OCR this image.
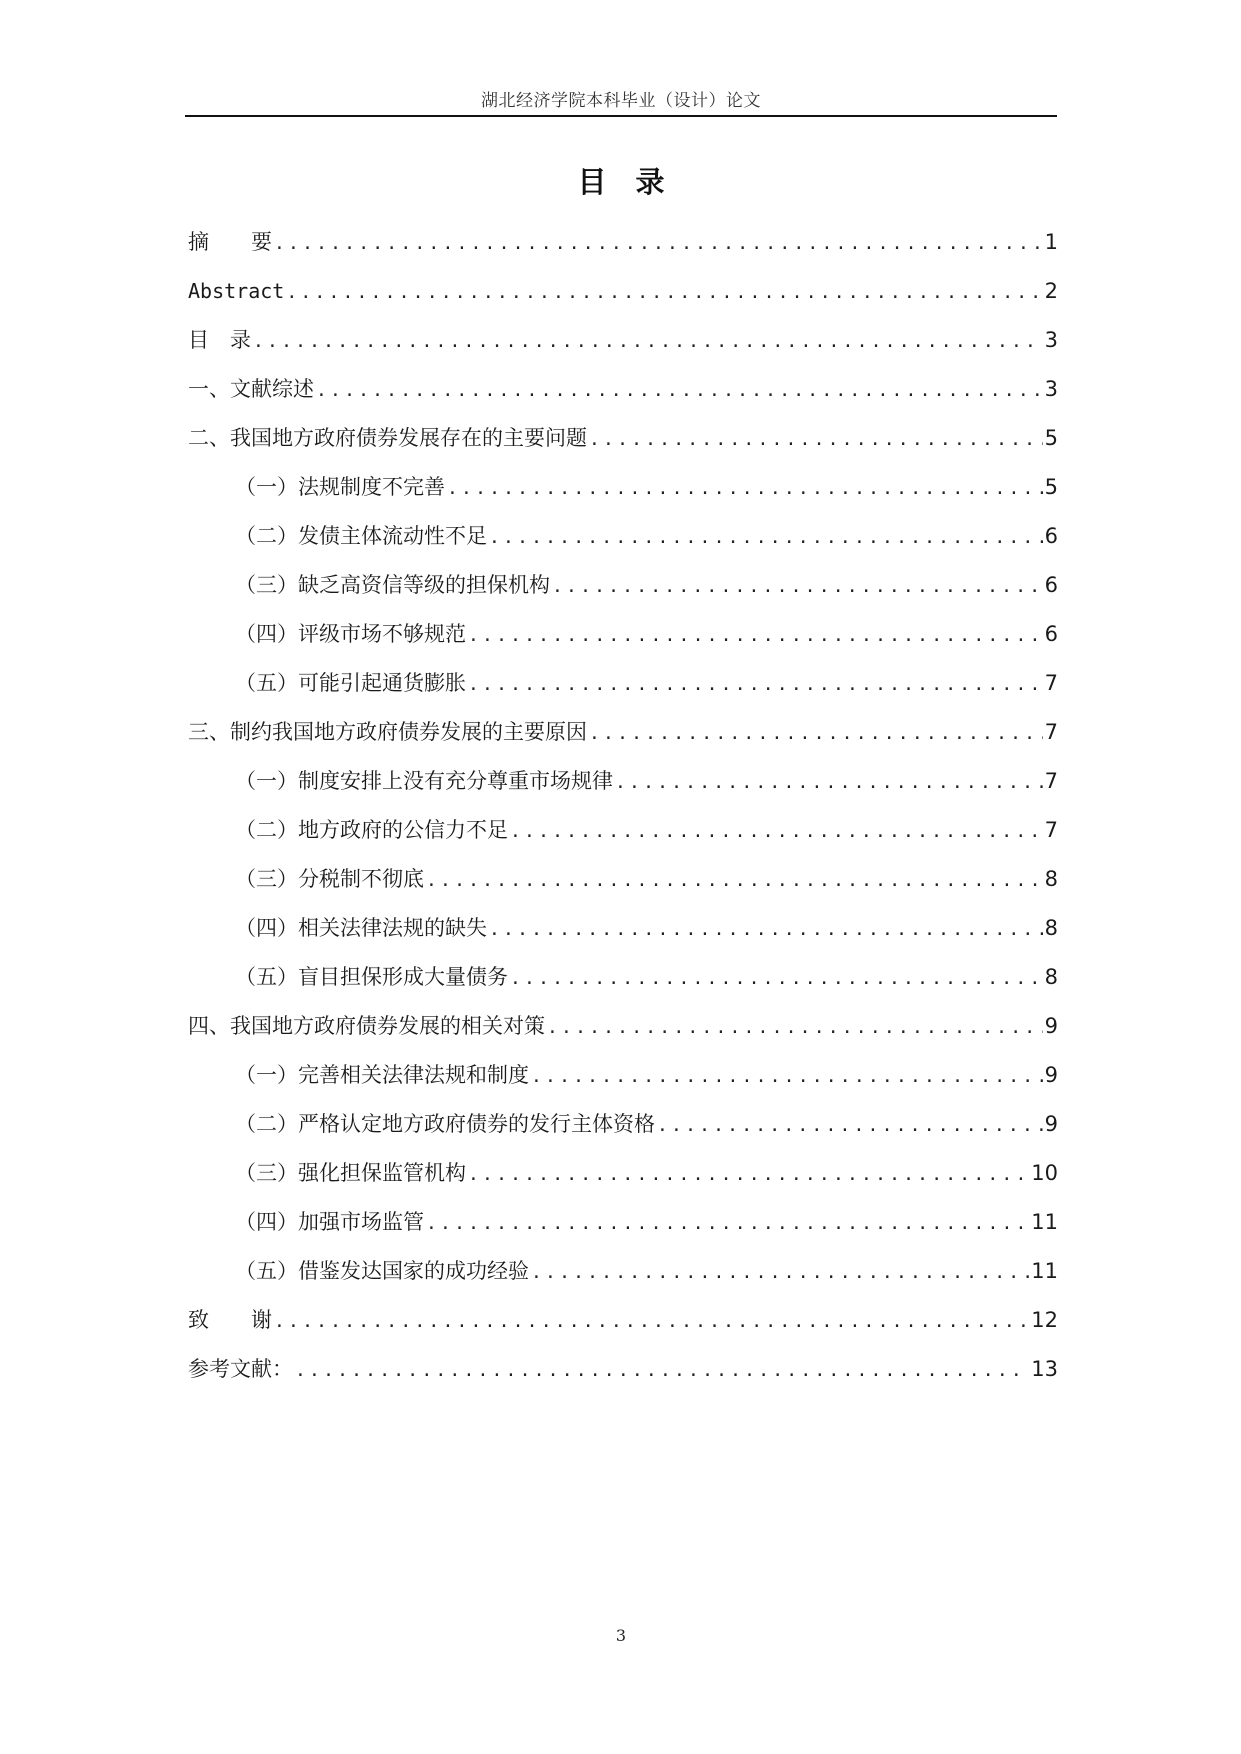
湖北经济学院本科毕业（设计）论文
目　录
摘　　要 .....	1
Abstract .....	2
目　录 .....	3
一、文献综述 .....	3
二、我国地方政府债券发展存在的主要问题 .....	5
（一）法规制度不完善 .....	5
（二）发债主体流动性不足 .....	6
（三）缺乏高资信等级的担保机构 .....	6
（四）评级市场不够规范 .....	6
（五）可能引起通货膨胀 .....	7
三、制约我国地方政府债券发展的主要原因 .....	7
（一）制度安排上没有充分尊重市场规律 .....	7
（二）地方政府的公信力不足 .....	7
（三）分税制不彻底 .....	8
（四）相关法律法规的缺失 .....	8
（五）盲目担保形成大量债务 .....	8
四、我国地方政府债券发展的相关对策 .....	9
（一）完善相关法律法规和制度 .....	9
（二）严格认定地方政府债券的发行主体资格 .....	9
（三）强化担保监管机构 .....	10
（四）加强市场监管 .....	11
（五）借鉴发达国家的成功经验 .....	11
致　　谢 .....	12
参考文献： .....	13
3
